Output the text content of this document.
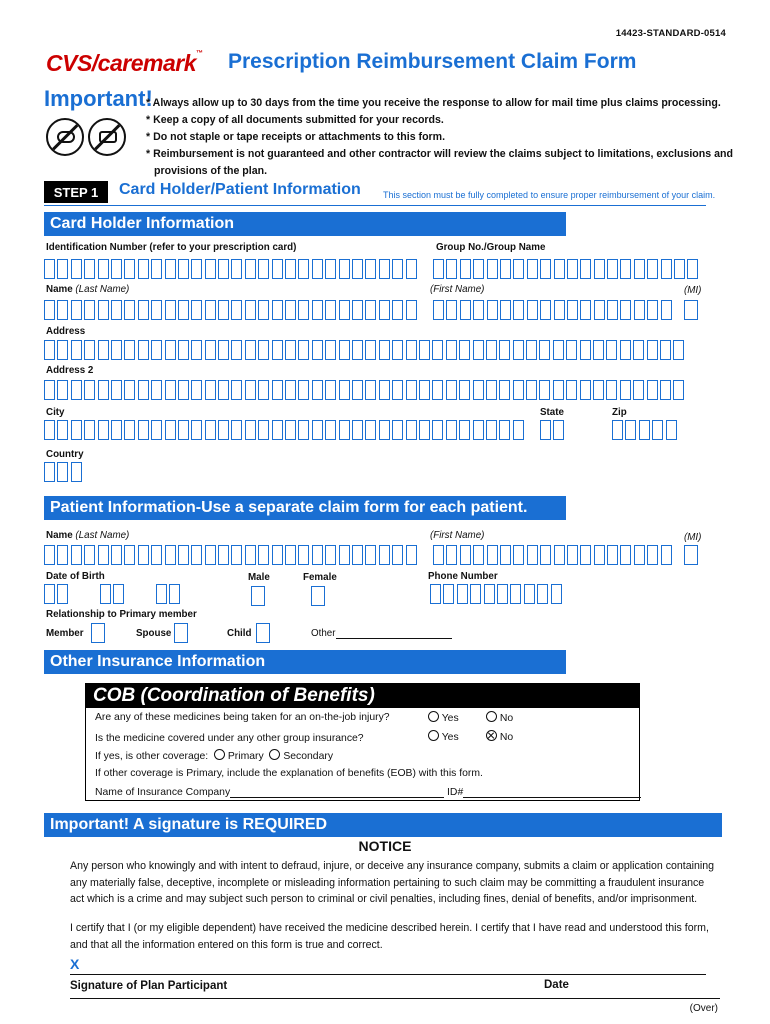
14423-STANDARD-0514
CVS/caremark™ Prescription Reimbursement Claim Form
Important!
* Always allow up to 30 days from the time you receive the response to allow for mail time plus claims processing.
* Keep a copy of all documents submitted for your records.
* Do not staple or tape receipts or attachments to this form.
* Reimbursement is not guaranteed and other contractor will review the claims subject to limitations, exclusions and provisions of the plan.
STEP 1	Card Holder/Patient Information This section must be fully completed to ensure proper reimbursement of your claim.
Card Holder Information
Identification Number (refer to your prescription card)	Group No./Group Name
Name (Last Name)	(First Name)	(MI)
Address
Address 2
City	State	Zip
Country
Patient Information-Use a separate claim form for each patient.
Name (Last Name)	(First Name)	(MI)
Date of Birth	Male	Female	Phone Number
Relationship to Primary member
Member	Spouse	Child	Other
Other Insurance Information
COB (Coordination of Benefits)
Are any of these medicines being taken for an on-the-job injury?	Yes	No
Is the medicine covered under any other group insurance?	Yes	No
If yes, is other coverage: Primary Secondary
If other coverage is Primary, include the explanation of benefits (EOB) with this form.
Name of Insurance Company	ID#
Important! A signature is REQUIRED
NOTICE
Any person who knowingly and with intent to defraud, injure, or deceive any insurance company, submits a claim or application containing any materially false, deceptive, incomplete or misleading information pertaining to such claim may be committing a fraudulent insurance act which is a crime and may subject such person to criminal or civil penalties, including fines, denial of benefits, and/or imprisonment.
I certify that I (or my eligible dependent) have received the medicine described herein. I certify that I have read and understood this form, and that all the information entered on this form is true and correct.
X
Signature of Plan Participant	Date
(Over)
